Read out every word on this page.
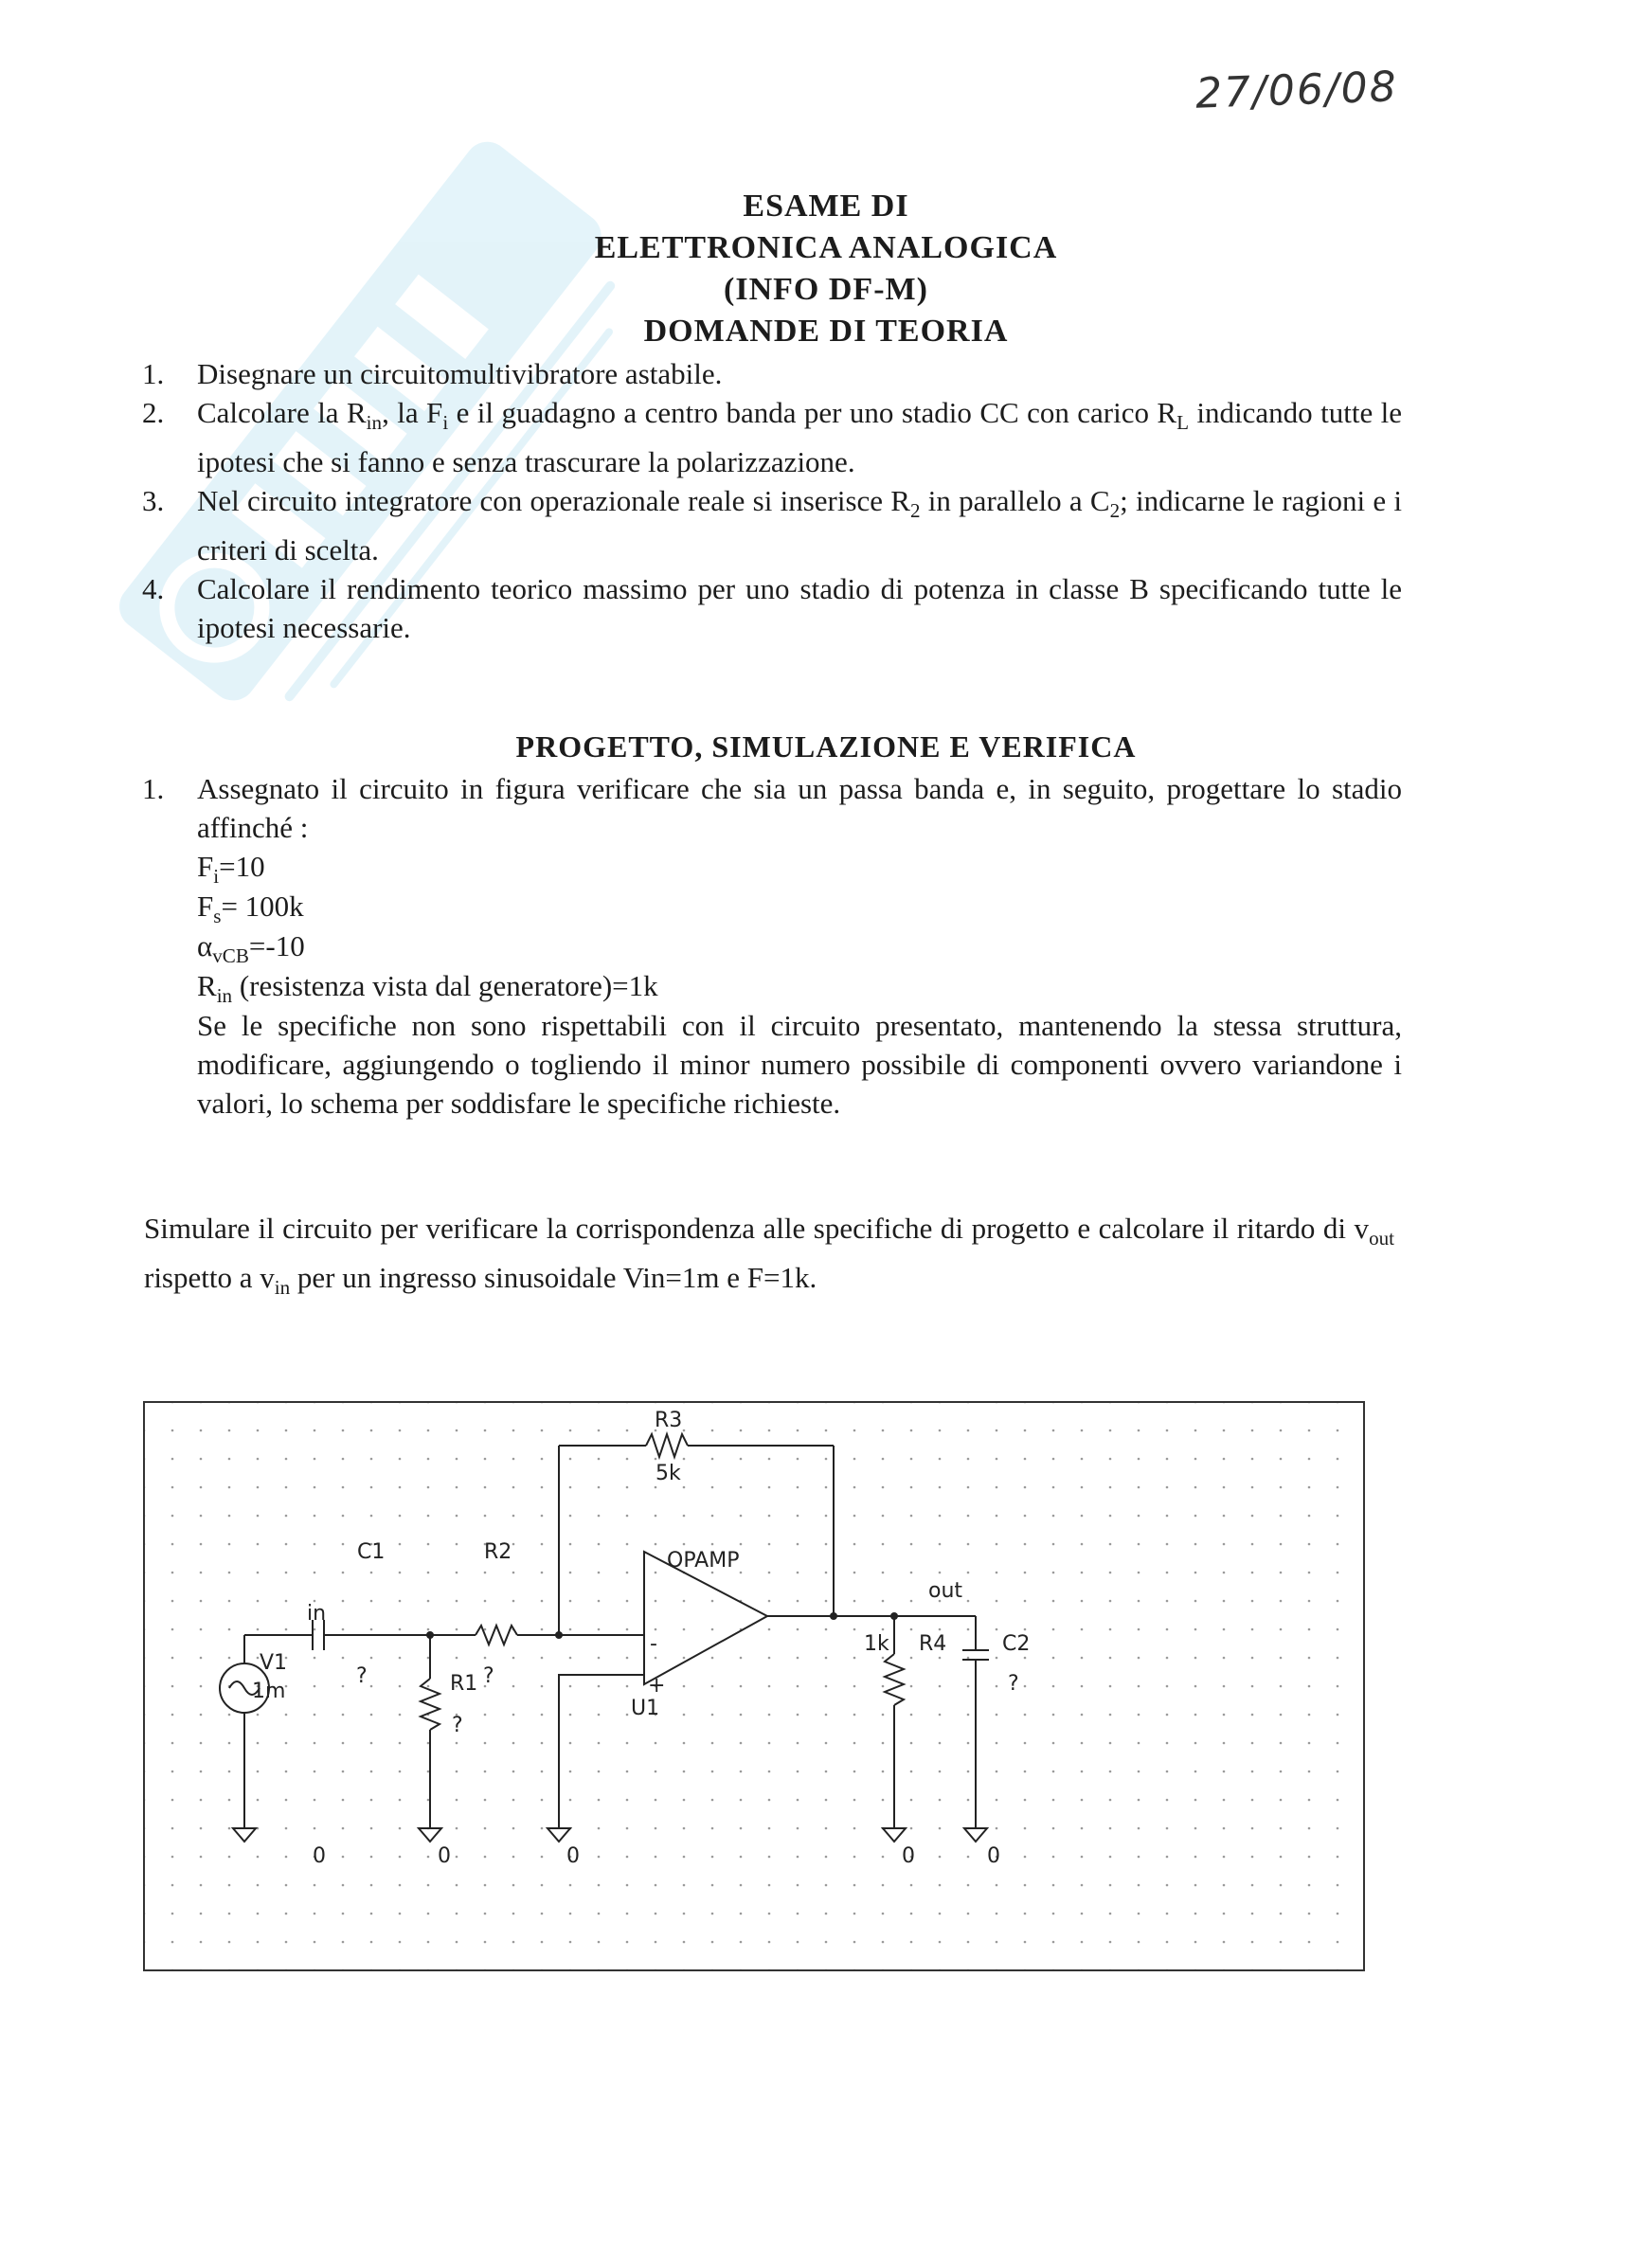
27/06/08
ESAME DI
ELETTRONICA ANALOGICA
(INFO DF-M)
DOMANDE DI TEORIA
1. Disegnare un circuitomultivibratore astabile.
2. Calcolare la $R_{in}$, la $F_i$ e il guadagno a centro banda per uno stadio CC con carico $R_L$ indicando tutte le ipotesi che si fanno e senza trascurare la polarizzazione.
3. Nel circuito integratore con operazionale reale si inserisce $R_2$ in parallelo a $C_2$; indicarne le ragioni e i criteri di scelta.
4. Calcolare il rendimento teorico massimo per uno stadio di potenza in classe B specificando tutte le ipotesi necessarie.
PROGETTO, SIMULAZIONE E VERIFICA
1. Assegnato il circuito in figura verificare che sia un passa banda e, in seguito, progettare lo stadio affinché :
$F_i=10$
$F_s= 100k$
$\alpha_{vCB}=-10$
$R_{in}$ (resistenza vista dal generatore)=1k
Se le specifiche non sono rispettabili con il circuito presentato, mantenendo la stessa struttura, modificare, aggiungendo o togliendo il minor numero possibile di componenti ovvero variandone i valori, lo schema per soddisfare le specifiche richieste.
Simulare il circuito per verificare la corrispondenza alle specifiche di progetto e calcolare il ritardo di $v_{out}$ rispetto a $v_{in}$ per un ingresso sinusoidale Vin=1m e F=1k.
R3
5k
C1
?
R2
?
R1
?
V1
1m
in
OPAMP
U1
-
+
out
R4
1k	C2
?
0	0	0	0	0
